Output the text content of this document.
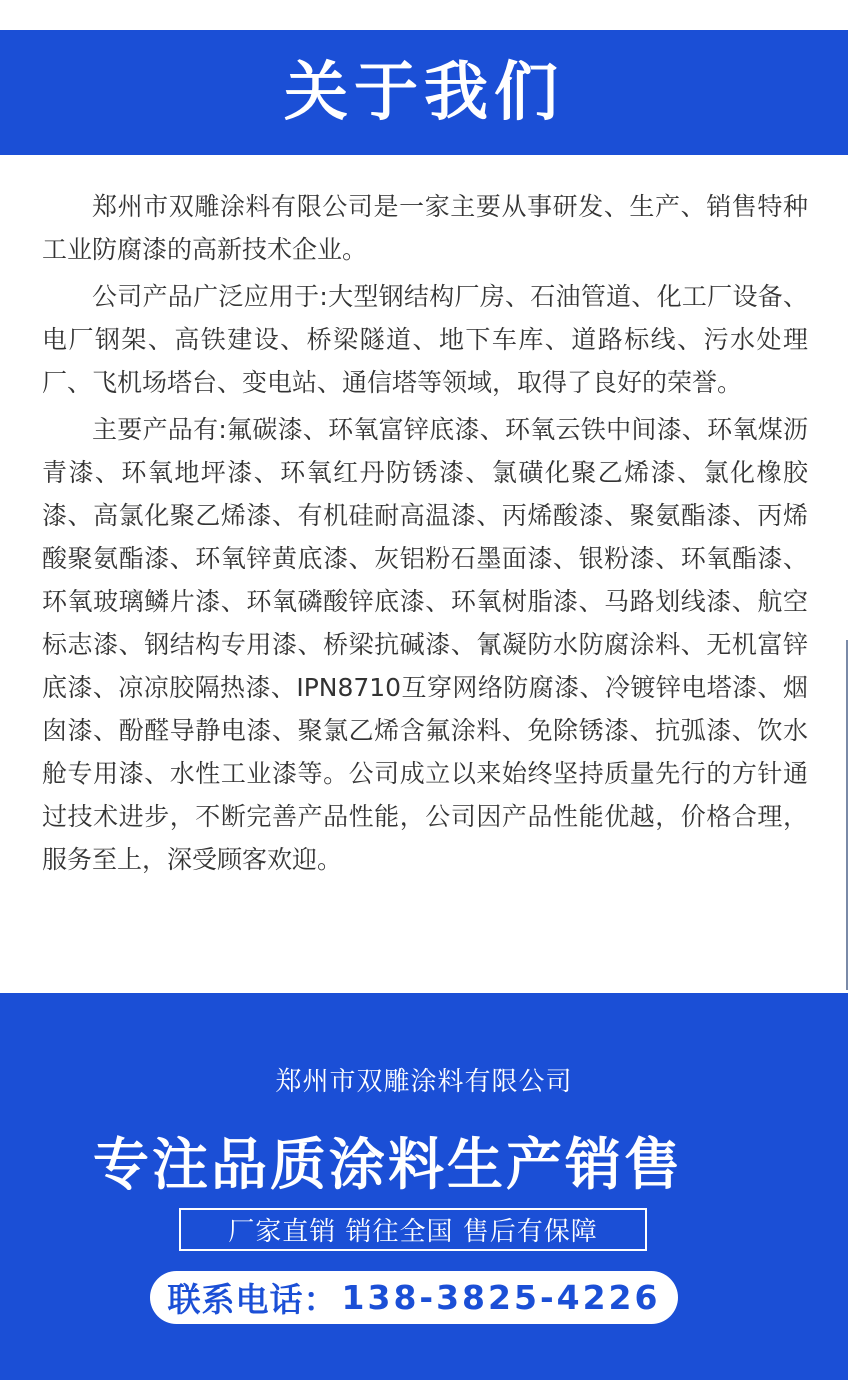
关于我们

郑州市双雕涂料有限公司是一家主要从事研发、生产、销售特种工业防腐漆的高新技术企业。

公司产品广泛应用于:大型钢结构厂房、石油管道、化工厂设备、电厂钢架、高铁建设、桥梁隧道、地下车库、道路标线、污水处理厂、飞机场塔台、变电站、通信塔等领域，取得了良好的荣誉。

主要产品有:氟碳漆、环氧富锌底漆、环氧云铁中间漆、环氧煤沥青漆、环氧地坪漆、环氧红丹防锈漆、氯磺化聚乙烯漆、氯化橡胶漆、高氯化聚乙烯漆、有机硅耐高温漆、丙烯酸漆、聚氨酯漆、丙烯酸聚氨酯漆、环氧锌黄底漆、灰铝粉石墨面漆、银粉漆、环氧酯漆、环氧玻璃鳞片漆、环氧磷酸锌底漆、环氧树脂漆、马路划线漆、航空标志漆、钢结构专用漆、桥梁抗碱漆、氰凝防水防腐涂料、无机富锌底漆、凉凉胶隔热漆、IPN8710互穿网络防腐漆、冷镀锌电塔漆、烟囱漆、酚醛导静电漆、聚氯乙烯含氟涂料、免除锈漆、抗弧漆、饮水舱专用漆、水性工业漆等。公司成立以来始终坚持质量先行的方针通过技术进步，不断完善产品性能，公司因产品性能优越，价格合理，服务至上，深受顾客欢迎。

郑州市双雕涂料有限公司
专注品质涂料生产销售
厂家直销 销往全国 售后有保障
联系电话： 138-3825-4226
